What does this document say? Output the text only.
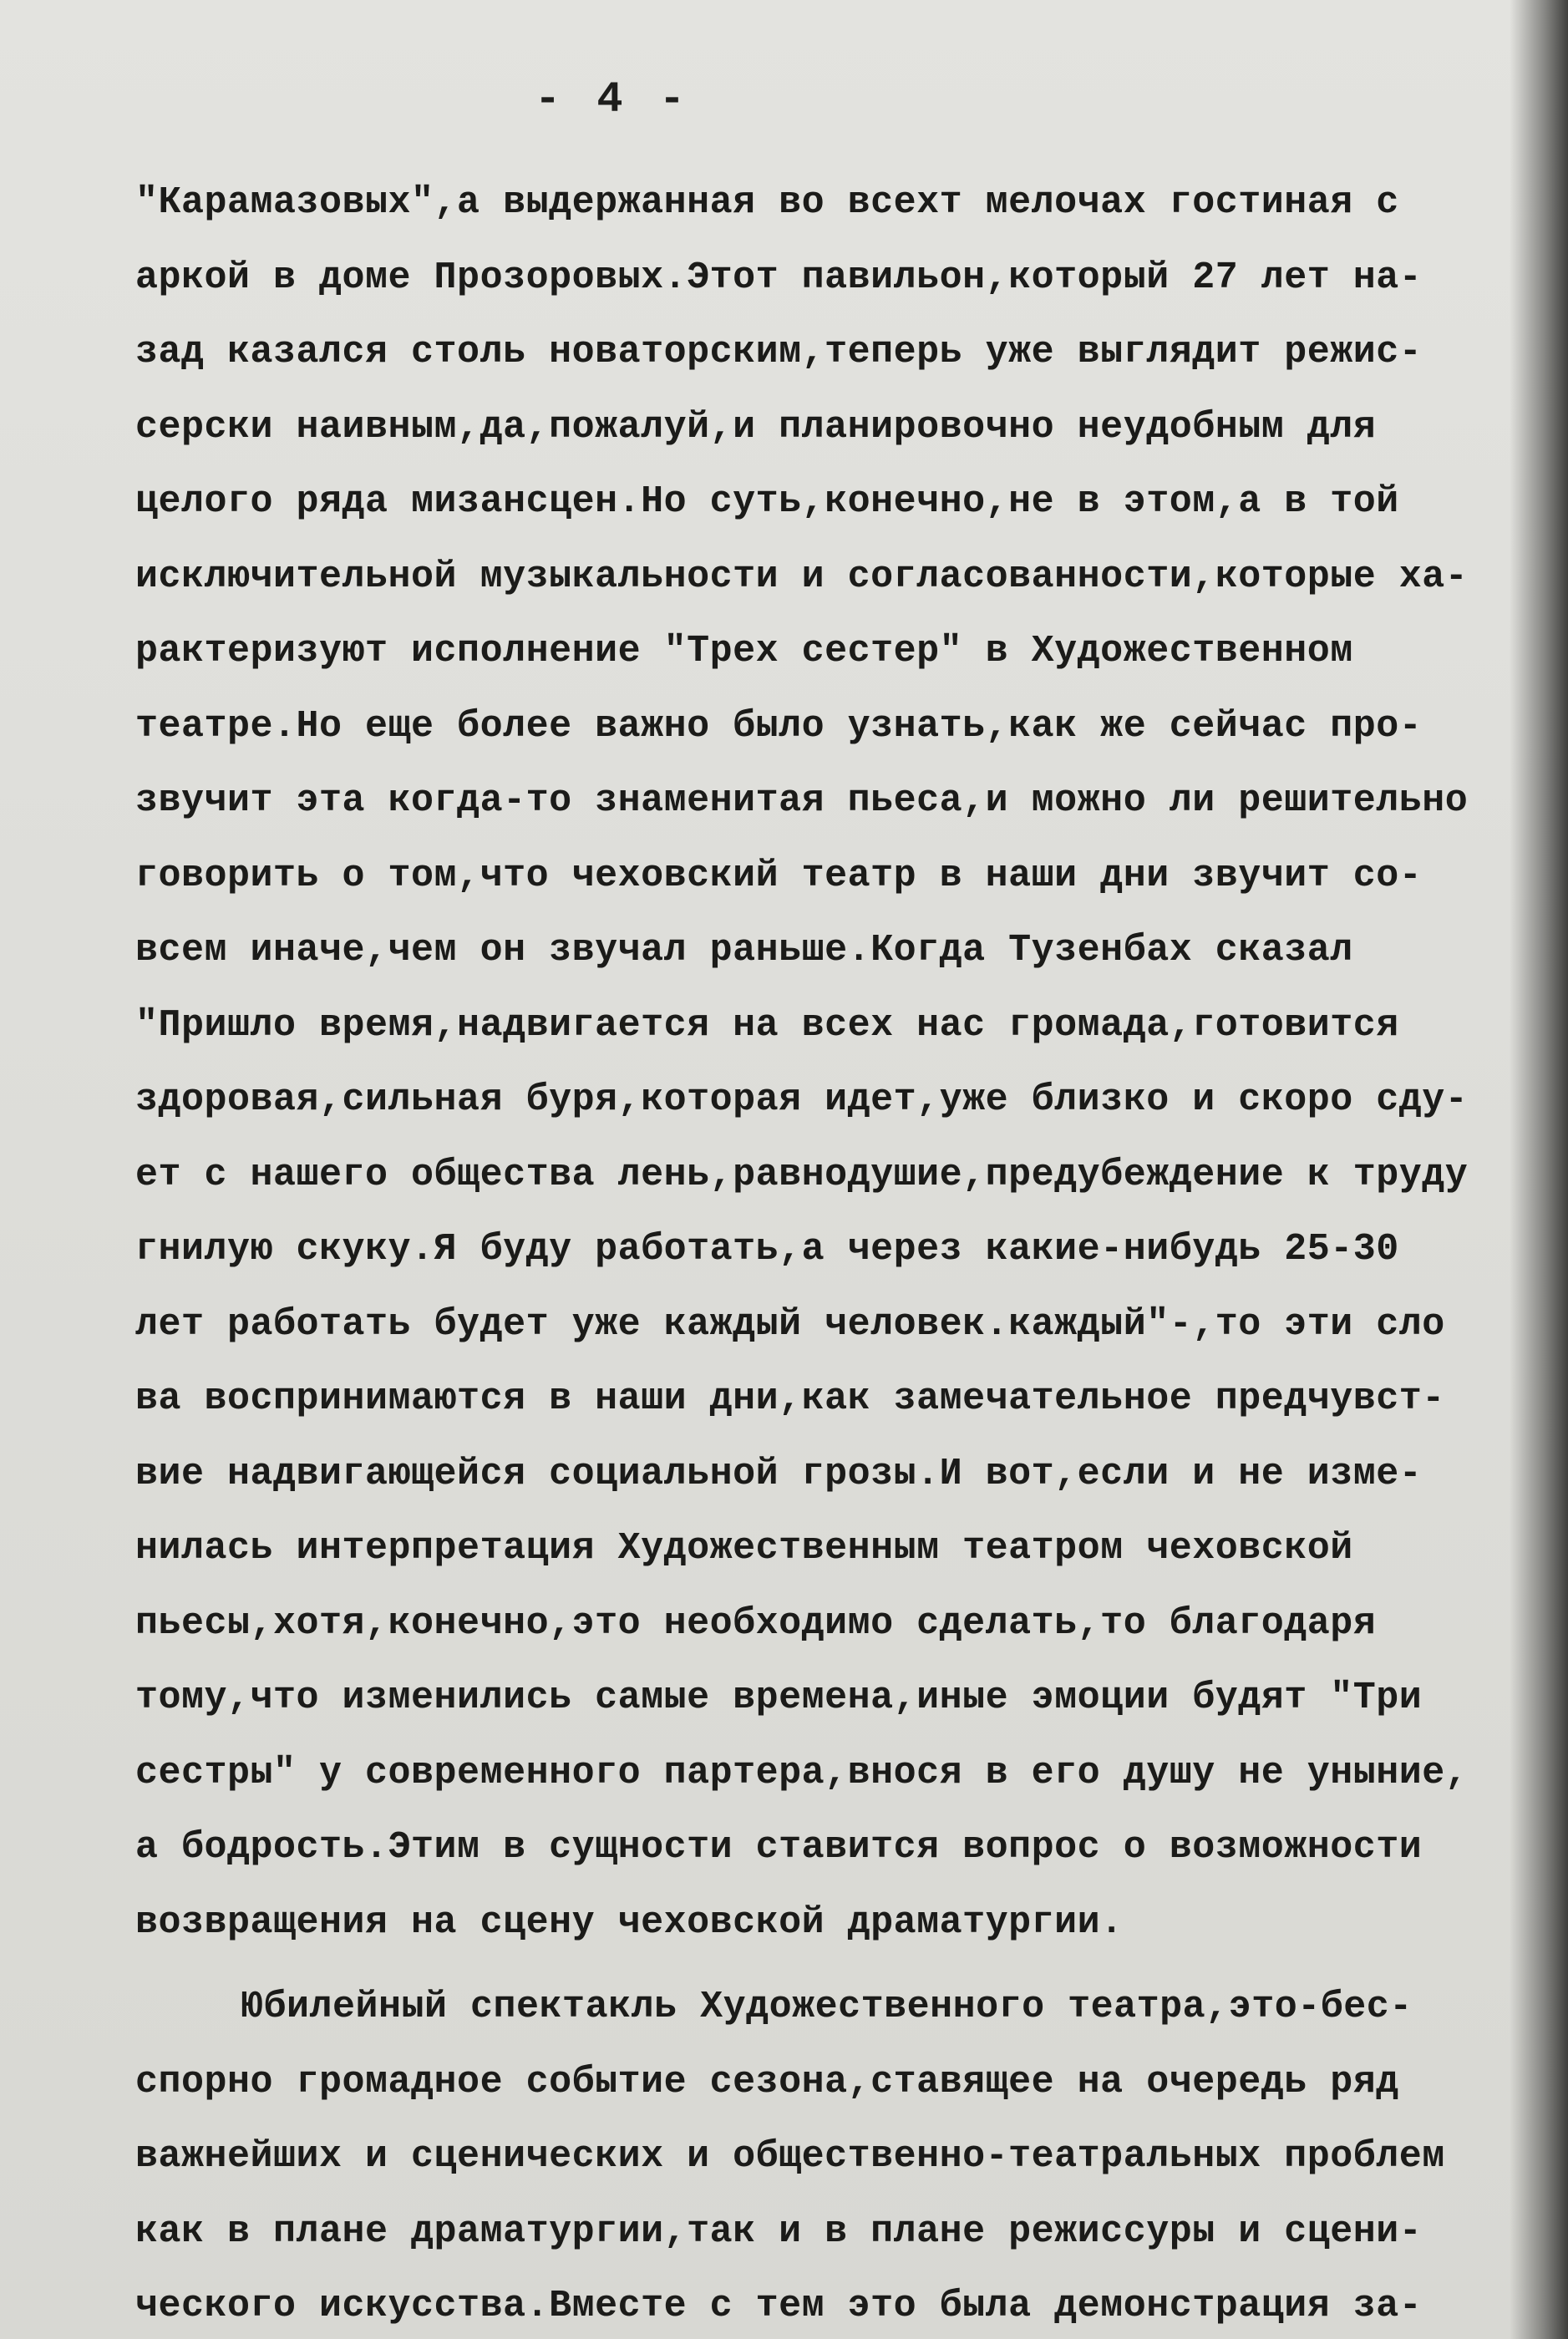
- 4 -
"Карамазовых",а выдержанная во всехт мелочах гостиная с
аркой в доме Прозоровых.Этот павильон,который 27 лет на-
зад казался столь новаторским,теперь уже выглядит режис-
серски наивным,да,пожалуй,и планировочно неудобным для
целого ряда мизансцен.Но суть,конечно,не в этом,а в той
исключительной музыкальности и согласованности,которые ха-
рактеризуют исполнение "Трех сестер" в Художественном
театре.Но еще более важно было узнать,как же сейчас про-
звучит эта когда-то знаменитая пьеса,и можно ли решительно
говорить о том,что чеховский театр в наши дни звучит со-
всем иначе,чем он звучал раньше.Когда Тузенбах сказал
"Пришло время,надвигается на всех нас громада,готовится
здоровая,сильная буря,которая идет,уже близко и скоро сду-
ет с нашего общества лень,равнодушие,предубеждение к труду
гнилую скуку.Я буду работать,а через какие-нибудь 25-30
лет работать будет уже каждый человек.каждый"-,то эти сло
ва воспринимаются в наши дни,как замечательное предчувст-
вие надвигающейся социальной грозы.И вот,если и не изме-
нилась интерпретация Художественным театром чеховской
пьесы,хотя,конечно,это необходимо сделать,то благодаря
тому,что изменились самые времена,иные эмоции будят "Три
сестры" у современного партера,внося в его душу не уныние,
а бодрость.Этим в сущности ставится вопрос о возможности
возвращения на сцену чеховской драматургии.
Юбилейный спектакль Художественного театра,это-бес-
спорно громадное событие сезона,ставящее на очередь ряд
важнейших и сценических и общественно-театральных проблем
как в плане драматургии,так и в плане режиссуры и сцени-
ческого искусства.Вместе с тем это была демонстрация за-
